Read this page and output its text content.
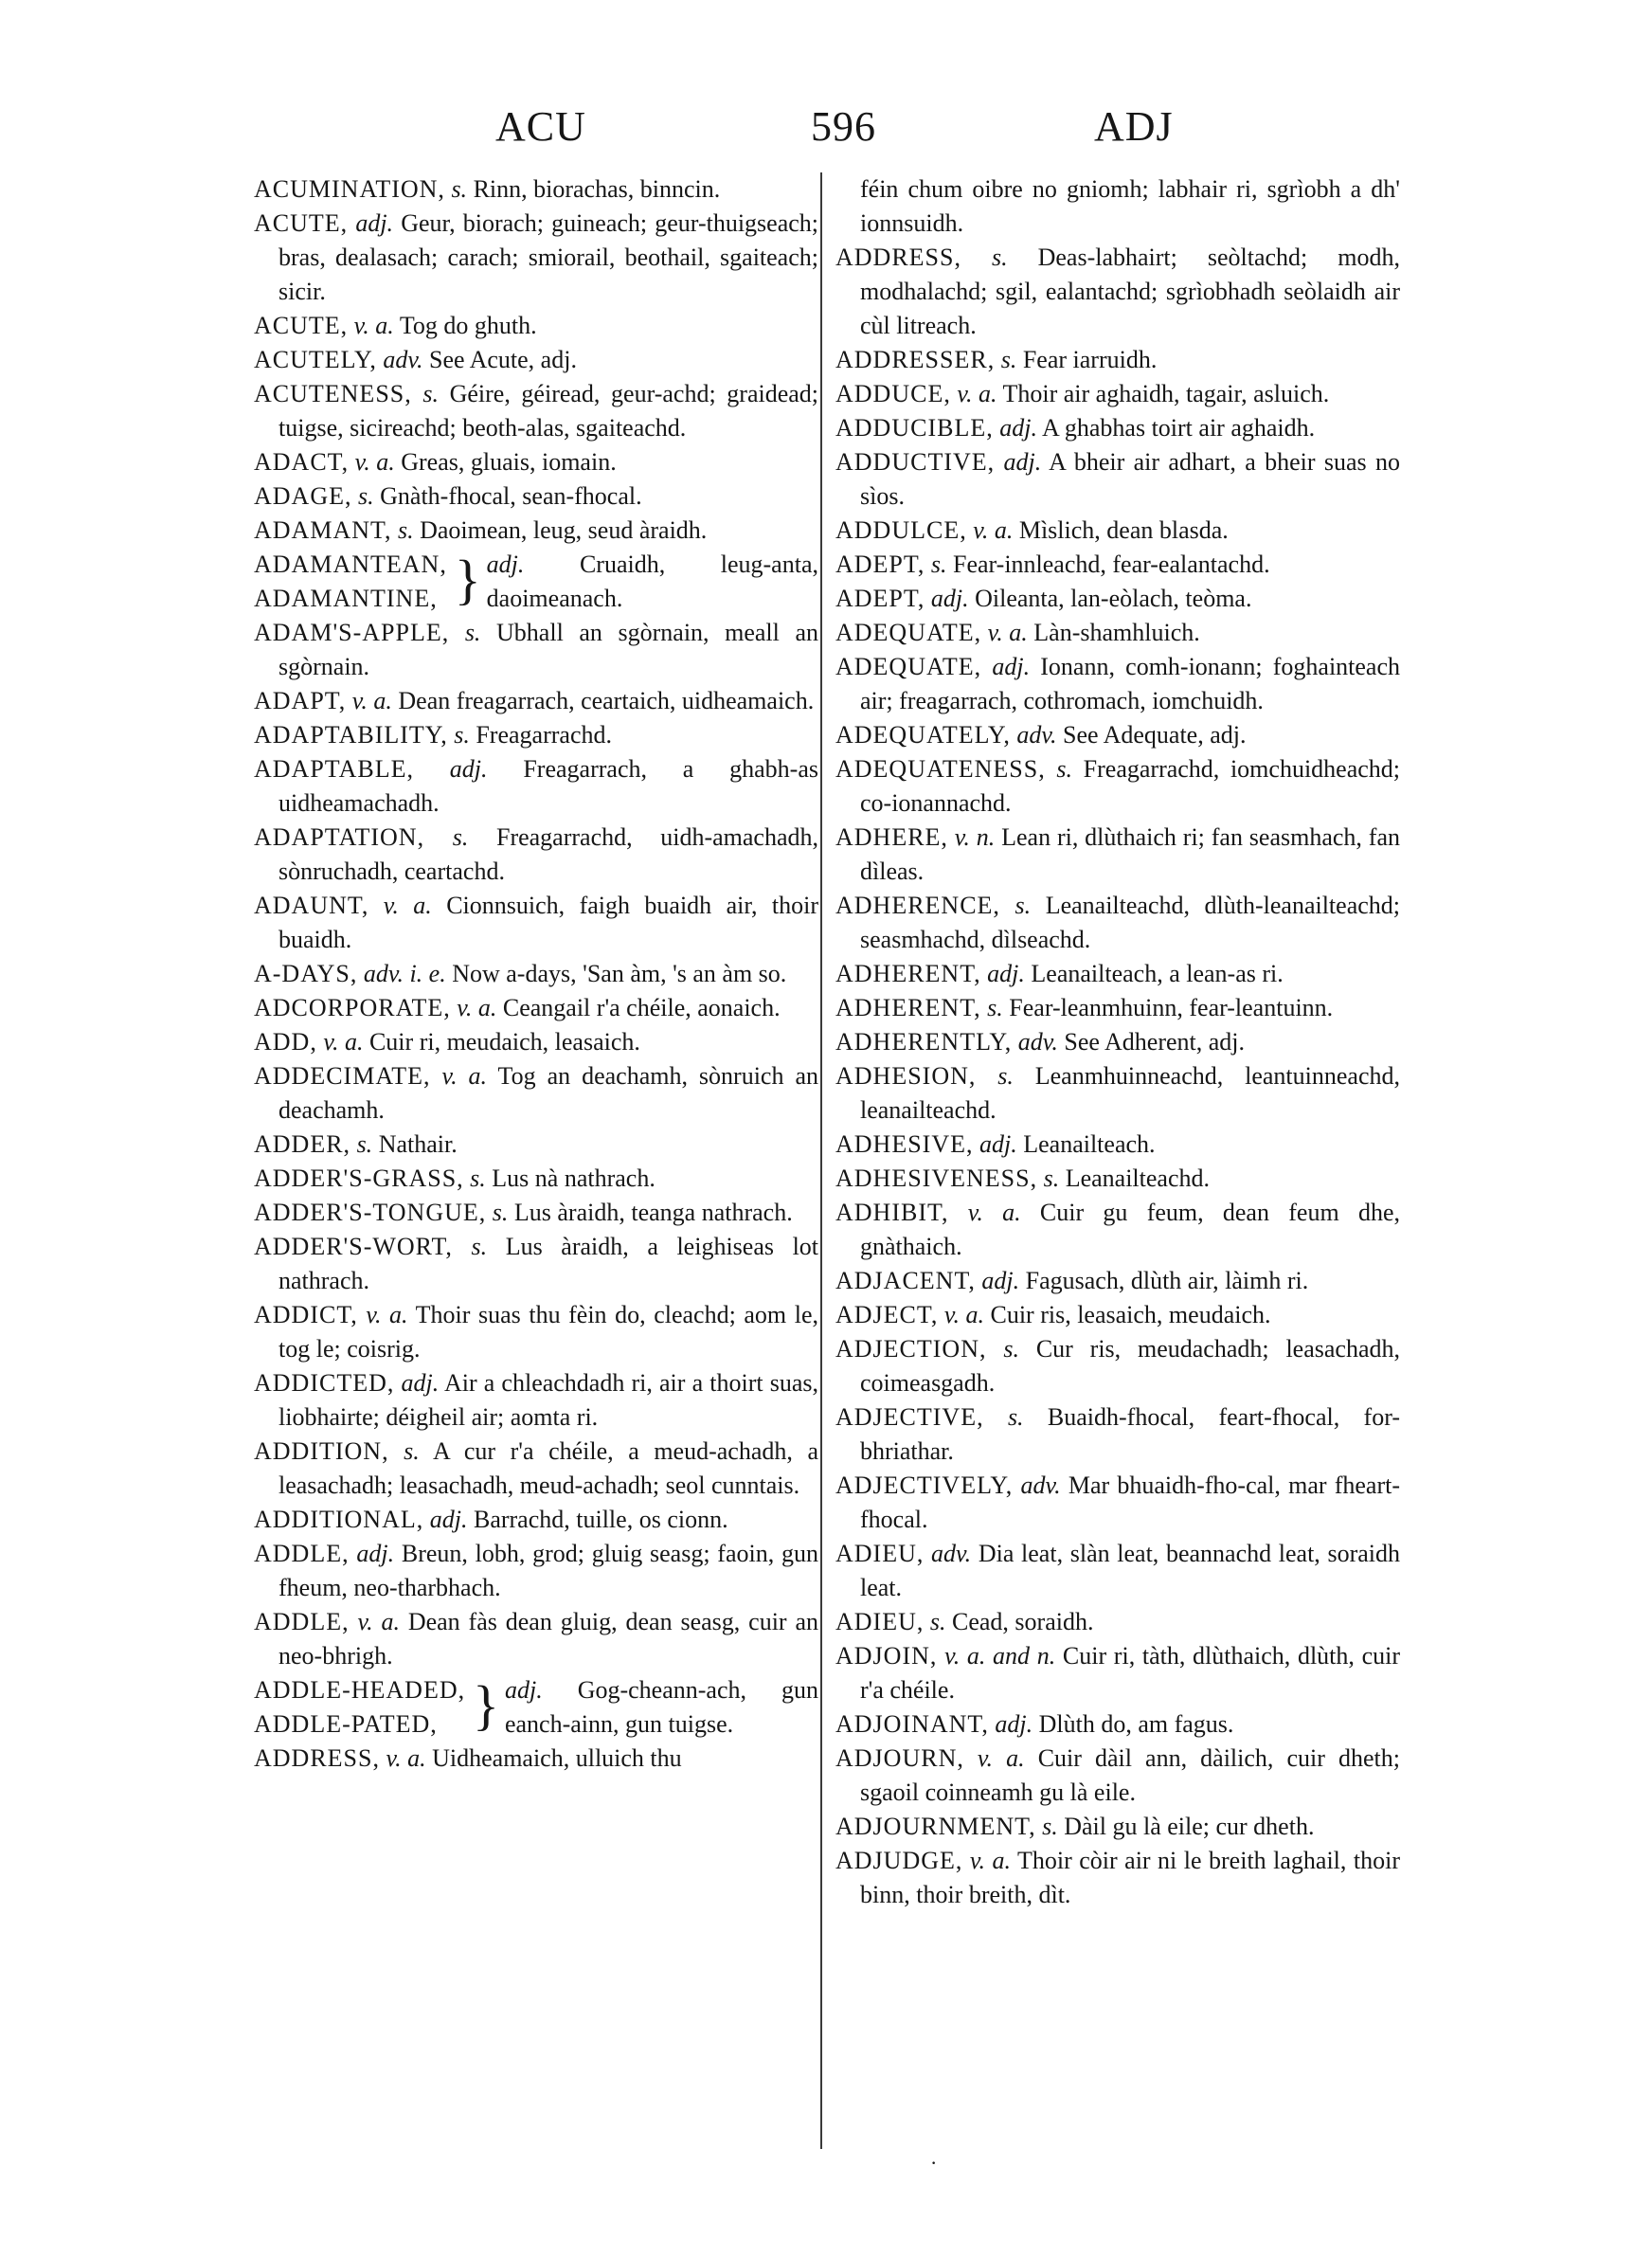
ACU	596	ADJ
ACUMINATION, s. Rinn, biorachas, binncin.
ACUTE, adj. Geur, biorach; guineach; geur-thuigseach; bras, dealasach; carach; smiorail, beothail, sgaiteach; sicir.
ACUTE, v. a. Tog do ghuth.
ACUTELY, adv. See Acute, adj.
ACUTENESS, s. Géire, géiread, geur-achd; graidead; tuigse, sicireachd; beoth-alas, sgaiteachd.
ADACT, v. a. Greas, gluais, iomain.
ADAGE, s. Gnàth-fhocal, sean-fhocal.
ADAMANT, s. Daoimean, leug, seud àraidh.
ADAMANTEAN,
ADAMANTINE, } adj. Cruaidh, leug-anta, daoimeanach.
ADAM'S-APPLE, s. Ubhall an sgòrnain, meall an sgòrnain.
ADAPT, v. a. Dean freagarrach, ceartaich, uidheamaich.
ADAPTABILITY, s. Freagarrachd.
ADAPTABLE, adj. Freagarrach, a ghabh-as uidheamachadh.
ADAPTATION, s. Freagarrachd, uidh-amachadh, sònruchadh, ceartachd.
ADAUNT, v. a. Cionnsuich, faigh buaidh air, thoir buaidh.
A-DAYS, adv. i. e. Now a-days, 'San àm, 's an àm so.
ADCORPORATE, v. a. Ceangail r'a chéile, aonaich.
ADD, v. a. Cuir ri, meudaich, leasaich.
ADDECIMATE, v. a. Tog an deachamh, sònruich an deachamh.
ADDER, s. Nathair.
ADDER'S-GRASS, s. Lus nà nathrach.
ADDER'S-TONGUE, s. Lus àraidh, teanga nathrach.
ADDER'S-WORT, s. Lus àraidh, a leighiseas lot nathrach.
ADDICT, v. a. Thoir suas thu fèin do, cleachd; aom le, tog le; coisrig.
ADDICTED, adj. Air a chleachdadh ri, air a thoirt suas, liobhairte; déigheil air; aomta ri.
ADDITION, s. A cur r'a chéile, a meud-achadh, a leasachadh; leasachadh, meud-achadh; seol cunntais.
ADDITIONAL, adj. Barrachd, tuille, os cionn.
ADDLE, adj. Breun, lobh, grod; gluig seasg; faoin, gun fheum, neo-tharbhach.
ADDLE, v. a. Dean fàs dean gluig, dean seasg, cuir an neo-bhrigh.
ADDLE-HEADED,
ADDLE-PATED, } adj. Gog-cheann-ach, gun eanch-ainn, gun tuigse.
ADDRESS, v. a. Uidheamaich, ulluich thu
féin chum oibre no gniomh; labhair ri, sgrìobh a dh' ionnsuidh.
ADDRESS, s. Deas-labhairt; seòltachd; modh, modhalachd; sgil, ealantachd; sgrìobhadh seòlaidh air cùl litreach.
ADDRESSER, s. Fear iarruidh.
ADDUCE, v. a. Thoir air aghaidh, tagair, asluich.
ADDUCIBLE, adj. A ghabhas toirt air aghaidh.
ADDUCTIVE, adj. A bheir air adhart, a bheir suas no sìos.
ADDULCE, v. a. Mìslich, dean blasda.
ADEPT, s. Fear-innleachd, fear-ealantachd.
ADEPT, adj. Oileanta, lan-eòlach, teòma.
ADEQUATE, v. a. Làn-shamhluich.
ADEQUATE, adj. Ionann, comh-ionann; foghainteach air; freagarrach, cothromach, iomchuidh.
ADEQUATELY, adv. See Adequate, adj.
ADEQUATENESS, s. Freagarrachd, iomchuidheachd; co-ionannachd.
ADHERE, v. n. Lean ri, dlùthaich ri; fan seasmhach, fan dìleas.
ADHERENCE, s. Leanailteachd, dlùth-leanailteachd; seasmhachd, dìlseachd.
ADHERENT, adj. Leanailteach, a lean-as ri.
ADHERENT, s. Fear-leanmhuinn, fear-leantuinn.
ADHERENTLY, adv. See Adherent, adj.
ADHESION, s. Leanmhuinneachd, leantuinneachd, leanailteachd.
ADHESIVE, adj. Leanailteach.
ADHESIVENESS, s. Leanailteachd.
ADHIBIT, v. a. Cuir gu feum, dean feum dhe, gnàthaich.
ADJACENT, adj. Fagusach, dlùth air, làimh ri.
ADJECT, v. a. Cuir ris, leasaich, meudaich.
ADJECTION, s. Cur ris, meudachadh; leasachadh, coimeasgadh.
ADJECTIVE, s. Buaidh-fhocal, feart-fhocal, for-bhriathar.
ADJECTIVELY, adv. Mar bhuaidh-fho-cal, mar fheart-fhocal.
ADIEU, adv. Dia leat, slàn leat, beannachd leat, soraidh leat.
ADIEU, s. Cead, soraidh.
ADJOIN, v. a. and n. Cuir ri, tàth, dlùthaich, dlùth, cuir r'a chéile.
ADJOINANT, adj. Dlùth do, am fagus.
ADJOURN, v. a. Cuir dàil ann, dàilich, cuir dheth; sgaoil coinneamh gu là eile.
ADJOURNMENT, s. Dàil gu là eile; cur dheth.
ADJUDGE, v. a. Thoir còir air ni le breith laghail, thoir binn, thoir breith, dìt.
·
